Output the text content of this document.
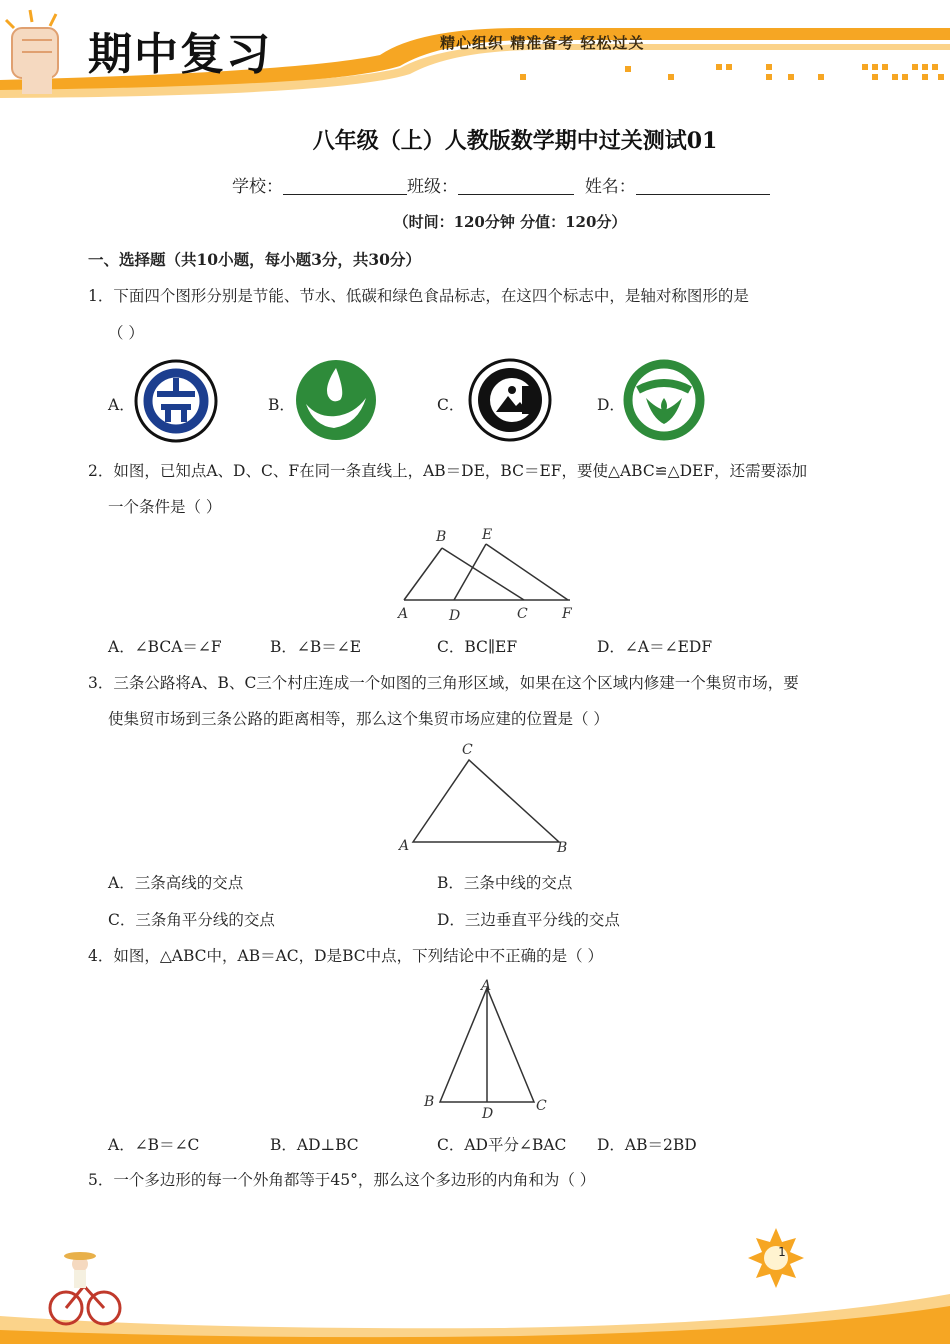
期中复习	精心组织 精准备考 轻松过关
八年级（上）人教版数学期中过关测试01
学校：	班级：	姓名：
（时间：120分钟 分值：120分）
一、选择题（共10小题，每小题3分，共30分）
1．下面四个图形分别是节能、节水、低碳和绿色食品标志，在这四个标志中，是轴对称图形的是
（ ）
A．	B．	C．	D．
2．如图，已知点A、D、C、F在同一条直线上，AB＝DE，BC＝EF，要使△ABC≌△DEF，还需要添加
一个条件是（ ）
B	E
A	D	C F
A．∠BCA＝∠F	B．∠B＝∠E	C．BC∥EF	D．∠A＝∠EDF
3．三条公路将A、B、C三个村庄连成一个如图的三角形区域，如果在这个区域内修建一个集贸市场，要
使集贸市场到三条公路的距离相等，那么这个集贸市场应建的位置是（ ）
C
A	B
A．三条高线的交点	B．三条中线的交点
C．三条角平分线的交点	D．三边垂直平分线的交点
4．如图，△ABC中，AB＝AC，D是BC中点，下列结论中不正确的是（ ）
A
B
D	C
A．∠B＝∠C	B．AD⊥BC	C．AD平分∠BAC D．AB＝2BD
5．一个多边形的每一个外角都等于45°，那么这个多边形的内角和为（ ）
1
